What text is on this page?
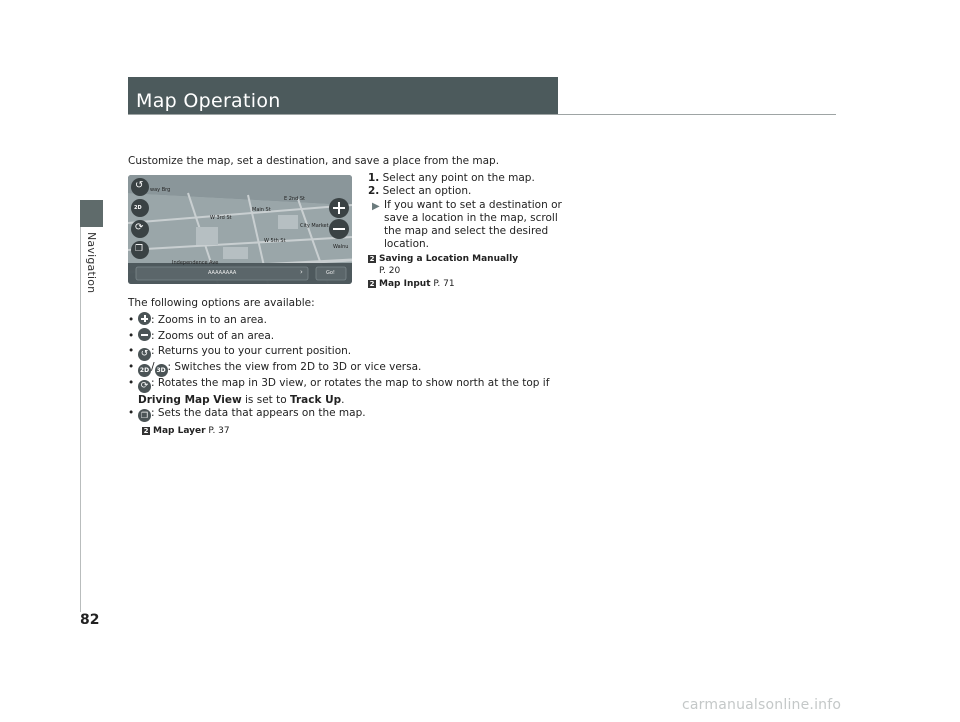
Navigation
Map Operation
Customize the map, set a destination, and save a place from the map.
way Brg
E 2nd St
Main St
W 3rd St
City Market
W 5th St
Walnu
Independence Ave
AAAAAAAA	›	Go!
2D
↺
⟳
❐
1. Select any point on the map.
2. Select an option.
▶ If you want to set a destination or save a location in the map, scroll the map and select the desired location.
2 Saving a Location Manually
P. 20
2 Map Input P. 71
The following options are available:
• : Zooms in to an area.
• : Zooms out of an area.
• ↺ : Returns you to your current position.
• 2D / 3D : Switches the view from 2D to 3D or vice versa.
• ⟳ : Rotates the map in 3D view, or rotates the map to show north at the top if
Driving Map View is set to Track Up.
• ❐ : Sets the data that appears on the map.
2 Map Layer P. 37
82
carmanualsonline.info
